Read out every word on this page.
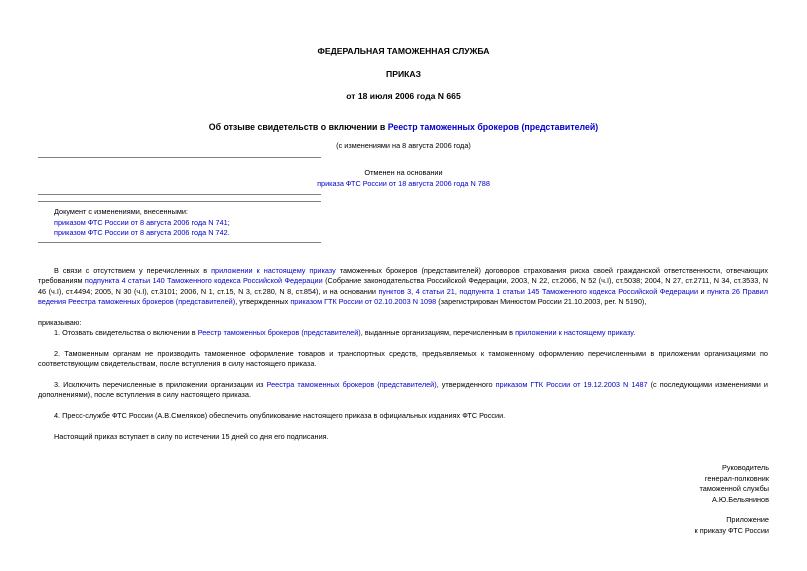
ФЕДЕРАЛЬНАЯ ТАМОЖЕННАЯ СЛУЖБА
ПРИКАЗ
от 18 июля 2006 года N 665
Об отзыве свидетельств о включении в Реестр таможенных брокеров (представителей)
(с изменениями на 8 августа 2006 года)
Отменен на основании
приказа ФТС России от 18 августа 2006 года N 788
Документ с изменениями, внесенными:
приказом ФТС России от 8 августа 2006 года N 741;
приказом ФТС России от 8 августа 2006 года N 742.
В связи с отсутствием у перечисленных в приложении к настоящему приказу таможенных брокеров (представителей) договоров страхования риска своей гражданской ответственности, отвечающих требованиям подпункта 4 статьи 140 Таможенного кодекса Российской Федерации (Собрание законодательства Российской Федерации, 2003, N 22, ст.2066, N 52 (ч.I), ст.5038; 2004, N 27, ст.2711, N 34, ст.3533, N 46 (ч.I), ст.4494; 2005, N 30 (ч.I), ст.3101; 2006, N 1, ст.15, N 3, ст.280, N 8, ст.854), и на основании пунктов 3, 4 статьи 21, подпункта 1 статьи 145 Таможенного кодекса Российской Федерации и пункта 26 Правил ведения Реестра таможенных брокеров (представителей), утвержденных приказом ГТК России от 02.10.2003 N 1098 (зарегистрирован Минюстом России 21.10.2003, рег. N 5190),
приказываю:
1. Отозвать свидетельства о включении в Реестр таможенных брокеров (представителей), выданные организациям, перечисленным в приложении к настоящему приказу.
2. Таможенным органам не производить таможенное оформление товаров и транспортных средств, предъявляемых к таможенному оформлению перечисленными в приложении организациями по соответствующим свидетельствам, после вступления в силу настоящего приказа.
3. Исключить перечисленные в приложении организации из Реестра таможенных брокеров (представителей), утвержденного приказом ГТК России от 19.12.2003 N 1487 (с последующими изменениями и дополнениями), после вступления в силу настоящего приказа.
4. Пресс-службе ФТС России (А.В.Смеляков) обеспечить опубликование настоящего приказа в официальных изданиях ФТС России.
Настоящий приказ вступает в силу по истечении 15 дней со дня его подписания.
Руководитель
генерал-полковник
таможенной службы
А.Ю.Бельянинов
Приложение
к приказу ФТС России
